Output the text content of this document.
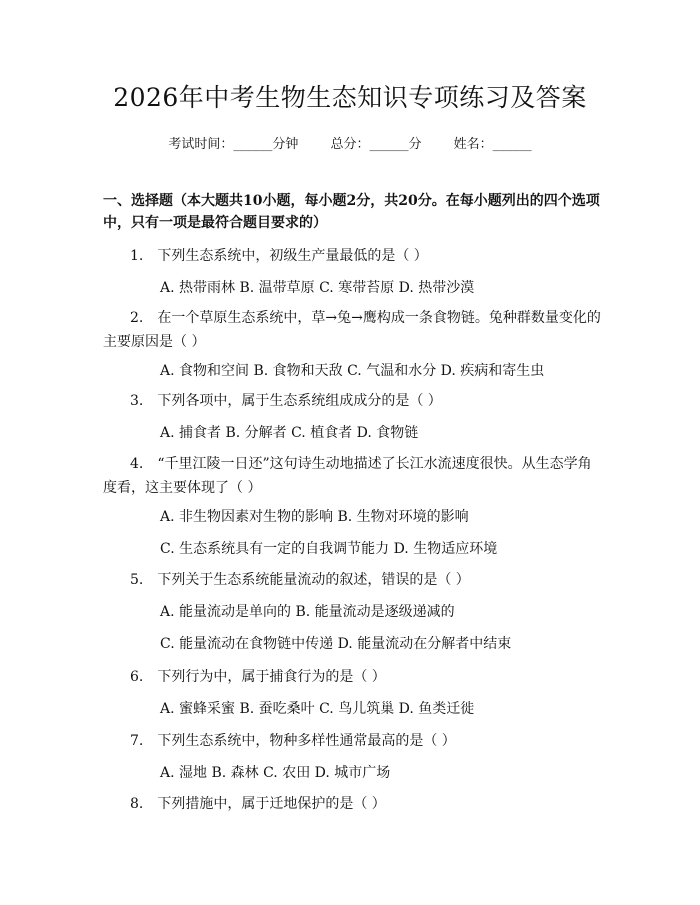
2026年中考生物生态知识专项练习及答案
考试时间：______分钟 总分：______分 姓名：______
一、选择题（本大题共10小题，每小题2分，共20分。在每小题列出的四个选项中，只有一项是最符合题目要求的）
1.　下列生态系统中，初级生产量最低的是（ ）
A. 热带雨林 B. 温带草原 C. 寒带苔原 D. 热带沙漠
2.　在一个草原生态系统中，草→兔→鹰构成一条食物链。兔种群数量变化的主要原因是（ ）
A. 食物和空间 B. 食物和天敌 C. 气温和水分 D. 疾病和寄生虫
3.　下列各项中，属于生态系统组成成分的是（ ）
A. 捕食者 B. 分解者 C. 植食者 D. 食物链
4.　“千里江陵一日还”这句诗生动地描述了长江水流速度很快。从生态学角度看，这主要体现了（ ）
A. 非生物因素对生物的影响 B. 生物对环境的影响
C. 生态系统具有一定的自我调节能力 D. 生物适应环境
5.　下列关于生态系统能量流动的叙述，错误的是（ ）
A. 能量流动是单向的 B. 能量流动是逐级递减的
C. 能量流动在食物链中传递 D. 能量流动在分解者中结束
6.　下列行为中，属于捕食行为的是（ ）
A. 蜜蜂采蜜 B. 蚕吃桑叶 C. 鸟儿筑巢 D. 鱼类迁徙
7.　下列生态系统中，物种多样性通常最高的是（ ）
A. 湿地 B. 森林 C. 农田 D. 城市广场
8.　下列措施中，属于迁地保护的是（ ）
